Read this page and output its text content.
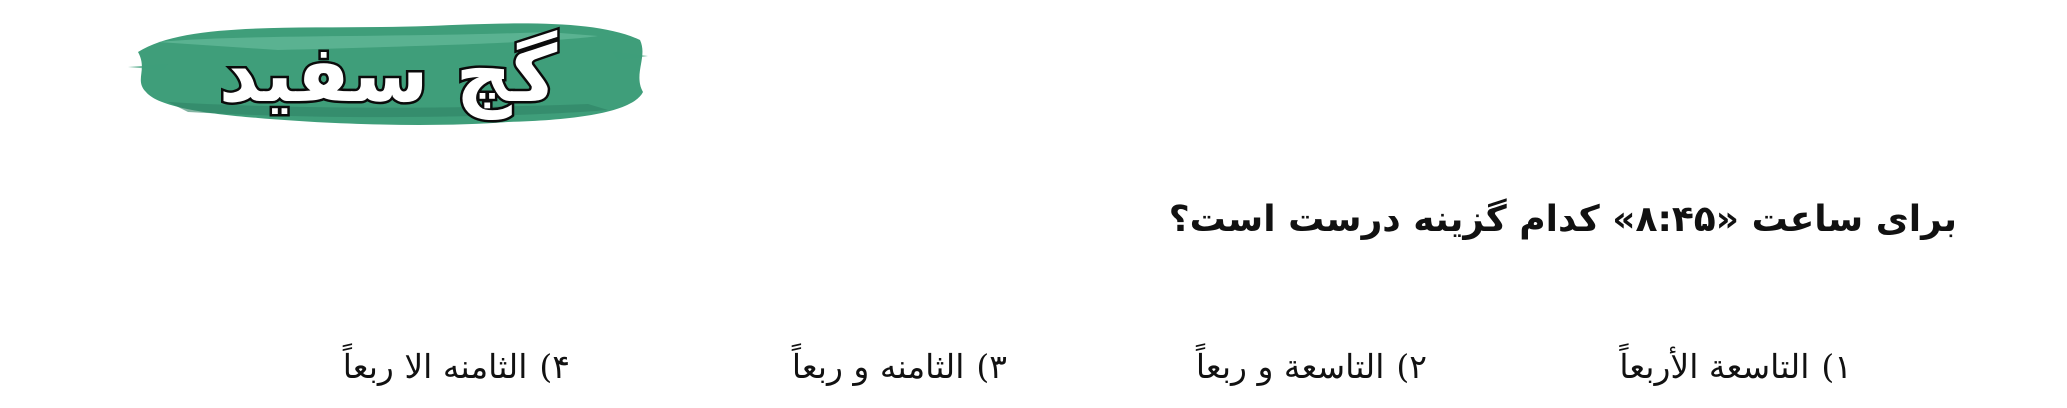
گچ سفید
برای ساعت «۸:۴۵» کدام گزینه درست است؟
۱)التاسعة الأربعاً
۲)التاسعة و ربعاً
۳)الثامنه و ربعاً
۴)الثامنه الا ربعاً
